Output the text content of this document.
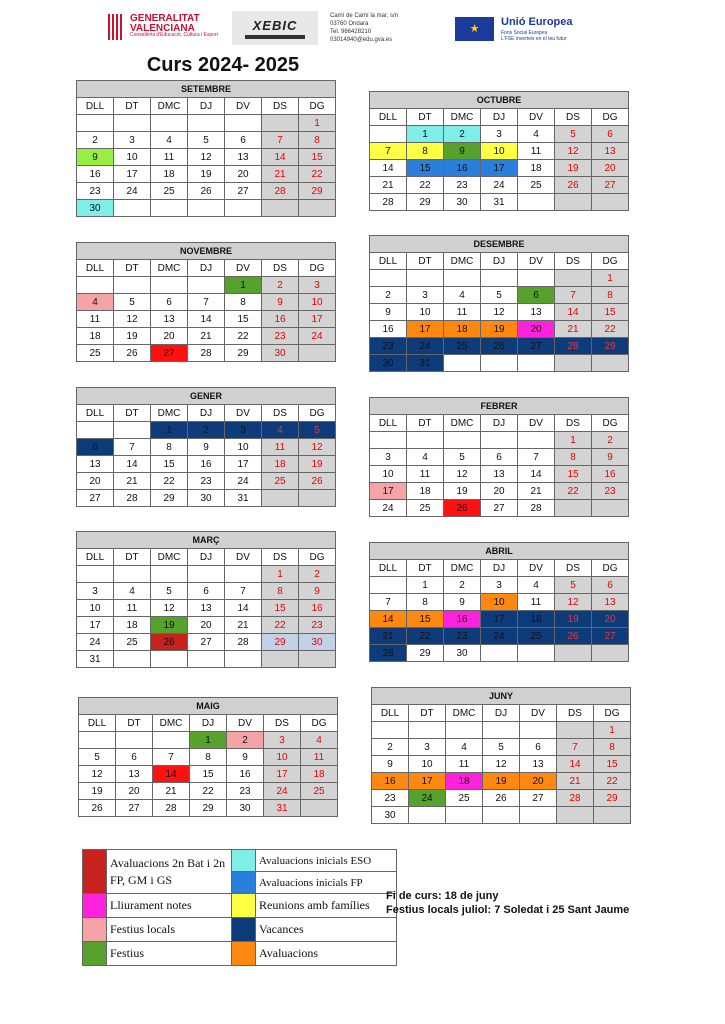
GENERALITAT VALENCIANA
Conselleria d'Educació, Cultura i Esport
XEBIC
Camí de Camí la mar, s/n
03760 Ondara
Tel. 966428210
03014940@edu.gva.es
★
Unió Europea
Fons Social Europeu
L'FSE inverteix en el teu futur
Curs 2024- 2025
SETEMBRE						
DLL	DT	DMC	DJ	DV	DS	DG
						1
2	3	4	5	6	7	8
9	10	11	12	13	14	15
16	17	18	19	20	21	22
23	24	25	26	27	28	29
30						
OCTUBRE						
DLL	DT	DMC	DJ	DV	DS	DG
	1	2	3	4	5	6
7	8	9	10	11	12	13
14	15	16	17	18	19	20
21	22	23	24	25	26	27
28	29	30	31			
NOVEMBRE						
DLL	DT	DMC	DJ	DV	DS	DG
				1	2	3
4	5	6	7	8	9	10
11	12	13	14	15	16	17
18	19	20	21	22	23	24
25	26	27	28	29	30	
DESEMBRE						
DLL	DT	DMC	DJ	DV	DS	DG
						1
2	3	4	5	6	7	8
9	10	11	12	13	14	15
16	17	18	19	20	21	22
23	24	25	26	27	28	29
30	31					
GENER						
DLL	DT	DMC	DJ	DV	DS	DG
		1	2	3	4	5
6	7	8	9	10	11	12
13	14	15	16	17	18	19
20	21	22	23	24	25	26
27	28	29	30	31		
FEBRER						
DLL	DT	DMC	DJ	DV	DS	DG
					1	2
3	4	5	6	7	8	9
10	11	12	13	14	15	16
17	18	19	20	21	22	23
24	25	26	27	28		
MARÇ						
DLL	DT	DMC	DJ	DV	DS	DG
					1	2
3	4	5	6	7	8	9
10	11	12	13	14	15	16
17	18	19	20	21	22	23
24	25	26	27	28	29	30
31						
ABRIL						
DLL	DT	DMC	DJ	DV	DS	DG
	1	2	3	4	5	6
7	8	9	10	11	12	13
14	15	16	17	18	19	20
21	22	23	24	25	26	27
28	29	30				
MAIG						
DLL	DT	DMC	DJ	DV	DS	DG
			1	2	3	4
5	6	7	8	9	10	11
12	13	14	15	16	17	18
19	20	21	22	23	24	25
26	27	28	29	30	31	
JUNY						
DLL	DT	DMC	DJ	DV	DS	DG
						1
2	3	4	5	6	7	8
9	10	11	12	13	14	15
16	17	18	19	20	21	22
23	24	25	26	27	28	29
30						
	Avaluacions 2n Bat i 2n FP, GM i GS		Avaluacions inicials ESO
			Avaluacions inicials FP
	Lliurament notes		Reunions amb famílies
	Festius locals		Vacances
	Festius		Avaluacions
Fi de curs: 18 de juny
Festius locals juliol: 7 Soledat i 25 Sant Jaume
